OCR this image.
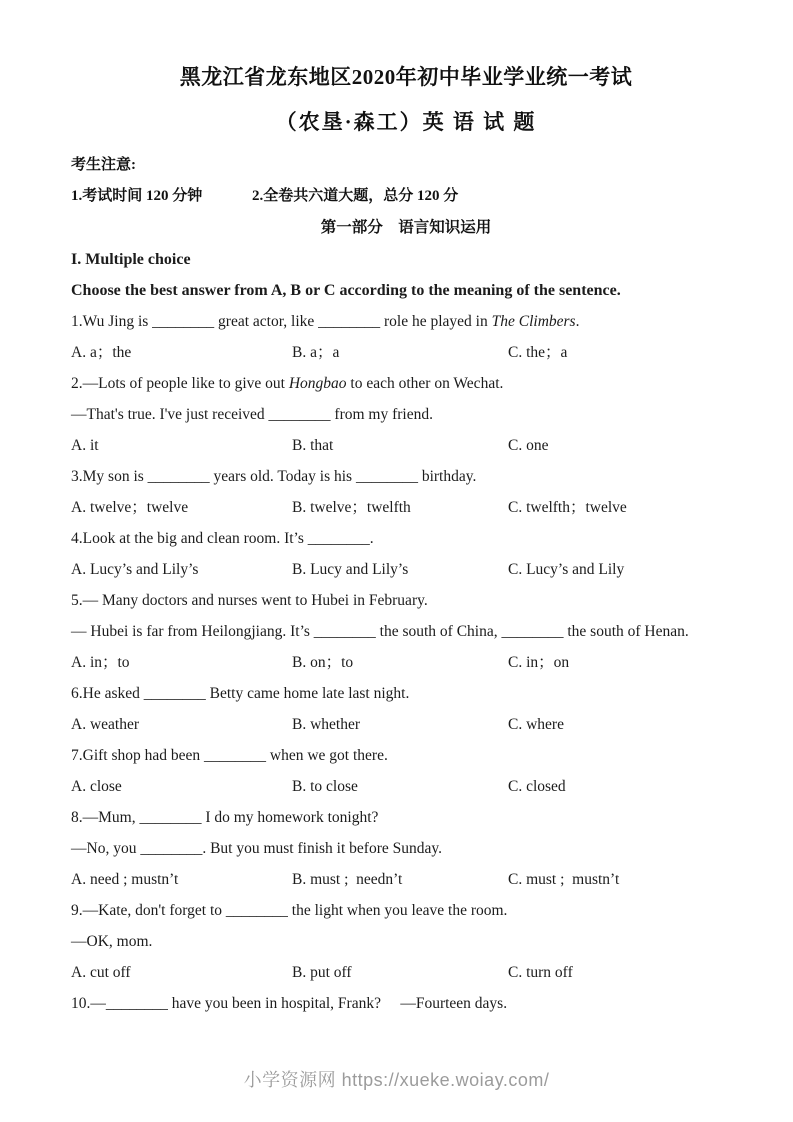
黑龙江省龙东地区2020年初中毕业学业统一考试
（农垦·森工）英 语 试 题
考生注意:
1.考试时间 120 分钟	2.全卷共六道大题，总分 120 分
第一部分　语言知识运用
I. Multiple choice
Choose the best answer from A, B or C according to the meaning of the sentence.

1.Wu Jing is ________ great actor, like ________ role he played in The Climbers.

A. a；the	B. a；a	C. the；a

2.—Lots of people like to give out Hongbao to each other on Wechat.

—That's true. I've just received ________ from my friend.

A. it	B. that	C. one

3.My son is ________ years old. Today is his ________ birthday.

A. twelve；twelve	B. twelve；twelfth	C. twelfth；twelve

4.Look at the big and clean room. It’s ________.

A. Lucy’s and Lily’s	B. Lucy and Lily’s	C. Lucy’s and Lily

5.— Many doctors and nurses went to Hubei in February.

— Hubei is far from Heilongjiang. It’s ________ the south of China, ________ the south of Henan.

A. in；to	B. on；to	C. in；on

6.He asked ________ Betty came home late last night.

A. weather	B. whether	C. where

7.Gift shop had been ________ when we got there.

A. close	B. to close	C. closed

8.—Mum, ________ I do my homework tonight?

—No, you ________. But you must finish it before Sunday.

A. need ; mustn’t	B. must ;  needn’t	C. must ;  mustn’t

9.—Kate, don't forget to ________ the light when you leave the room.

—OK, mom.

A. cut off	B. put off	C. turn off

10.—________ have you been in hospital, Frank?     —Fourteen days.

小学资源网 https://xueke.woiay.com/
